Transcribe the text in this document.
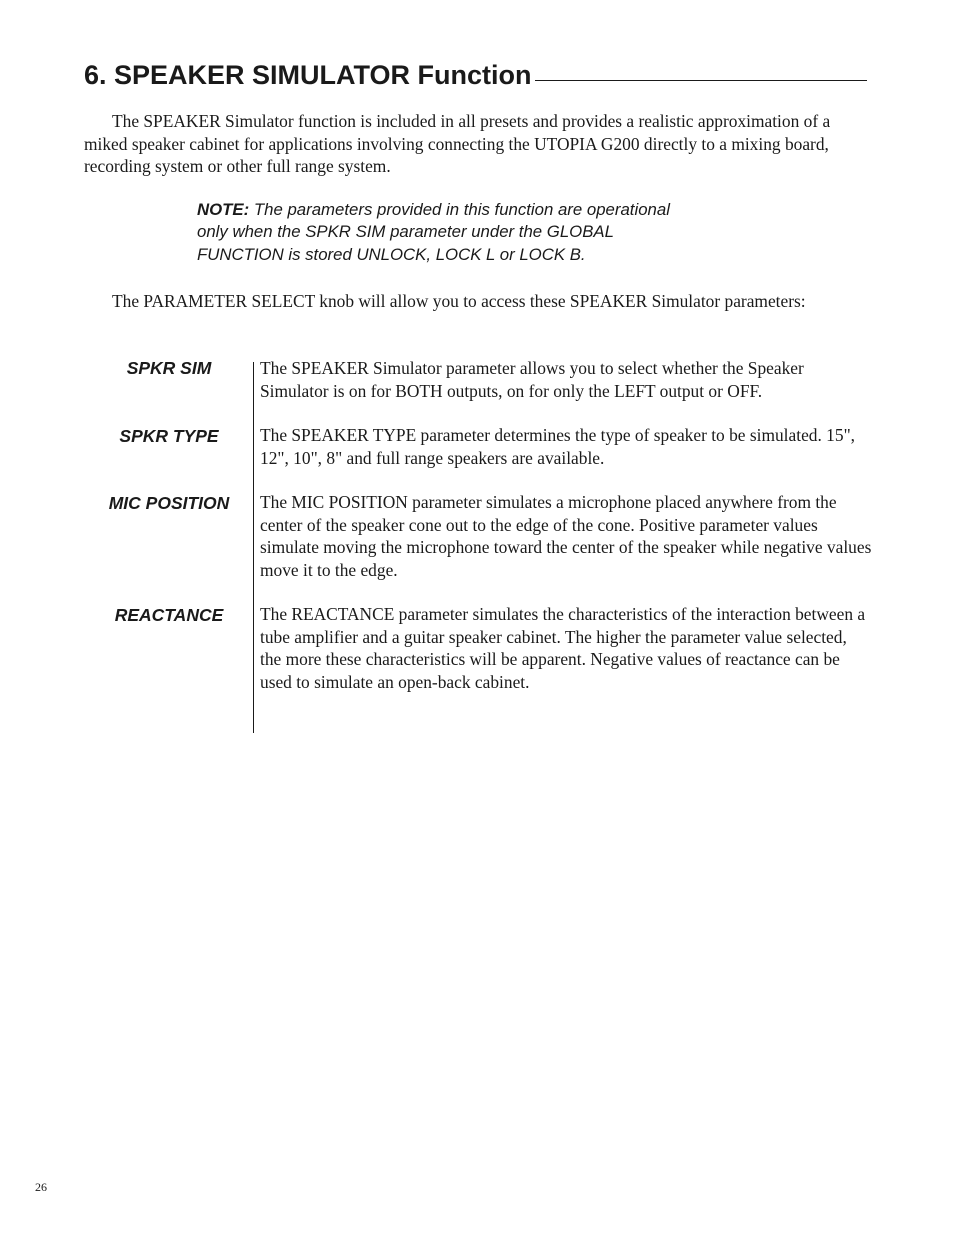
6. SPEAKER SIMULATOR Function

The SPEAKER Simulator function is included in all presets and provides a realistic approximation of a miked speaker cabinet for applications involving connecting the UTOPIA G200 directly to a mixing board, recording system or other full range system.

NOTE: The parameters provided in this function are operational
only when the SPKR SIM parameter under the GLOBAL
FUNCTION is stored UNLOCK, LOCK L or LOCK B.

The PARAMETER SELECT knob will allow you to access these SPEAKER Simulator parameters:

SPKR SIM	The SPEAKER Simulator parameter allows you to select whether the Speaker Simulator is on for BOTH outputs, on for only the LEFT output or OFF.

SPKR TYPE	The SPEAKER TYPE parameter determines the type of speaker to be simulated. 15", 12", 10", 8" and full range speakers are available.

MIC POSITION	The MIC POSITION parameter simulates a microphone placed anywhere from the center of the speaker cone out to the edge of the cone. Positive parameter values simulate moving the microphone toward the center of the speaker while negative values move it to the edge.

REACTANCE	The REACTANCE parameter simulates the characteristics of the interaction between a tube amplifier and a guitar speaker cabinet. The higher the parameter value selected, the more these characteristics will be apparent. Negative values of reactance can be used to simulate an open-back cabinet.

26
